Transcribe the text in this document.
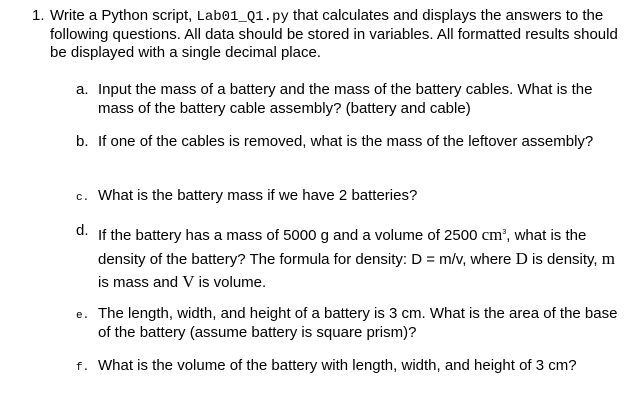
1. Write a Python script, Lab01_Q1.py that calculates and displays the answers to the following questions. All data should be stored in variables. All formatted results should be displayed with a single decimal place.
a. Input the mass of a battery and the mass of the battery cables. What is the mass of the battery cable assembly? (battery and cable)
b. If one of the cables is removed, what is the mass of the leftover assembly?
c. What is the battery mass if we have 2 batteries?
d. If the battery has a mass of 5000 g and a volume of 2500 $cm^3$, what is the density of the battery? The formula for density: D = m/v, where D is density, m is mass and V is volume.
e. The length, width, and height of a battery is 3 cm. What is the area of the base of the battery (assume battery is square prism)?
f. What is the volume of the battery with length, width, and height of 3 cm?
